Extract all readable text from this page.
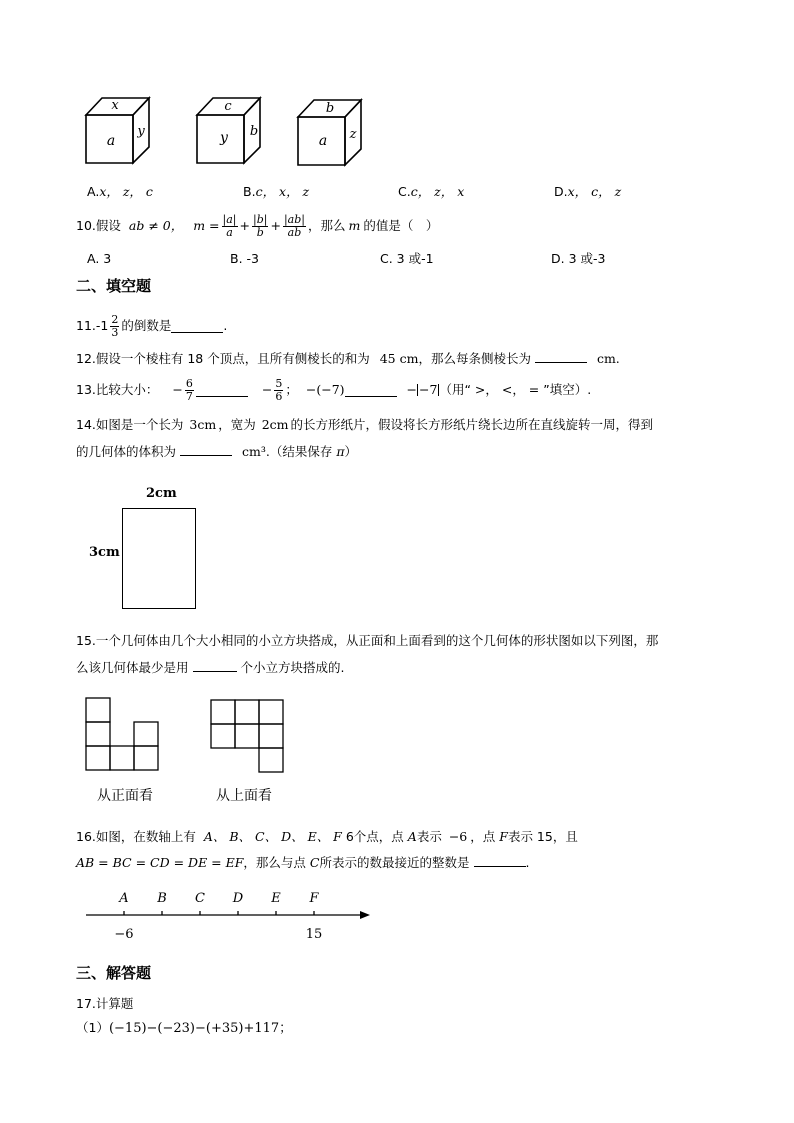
x
a
y
c
y b
b
a z
A.x， z， c	B.c， x， z	C.c， z， x	D.x， c， z
10.假设 ab ≠ 0， $m = \frac{|a|}{a} + \frac{|b|}{b} + \frac{|ab|}{ab}$ ，那么 m 的值是（　）
A. 3	B. -3	C. 3 或-1	D. 3 或-3
二、填空题
$11.-1 \frac{2}{3}$ 的倒数是	.
12.假设一个棱柱有 18 个顶点，且所有侧棱长的和为 45 cm，那么每条侧棱长为	cm.
13.比较大小： − $\frac{6}{7}$	− $\frac{5}{6}$ ； −(−7)	− −7 （用“ >， <， = ”填空）.
14.如图是一个长为 3cm ，宽为 2cm 的长方形纸片，假设将长方形纸片绕长边所在直线旋转一周，得到
的几何体的体积为	cm³.（结果保存 π）
2cm
3cm
15.一个几何体由几个大小相同的小立方块搭成，从正面和上面看到的这个几何体的形状图如以下列图，那
么该几何体最少是用	个小立方块搭成的.
从正面看	从上面看
16.如图，在数轴上有 A、 B、 C、 D、 E、 F 6个点，点 A表示 −6 ，点 F表示 15，且
AB = BC = CD = DE = EF，那么与点 C所表示的数最接近的整数是	.
A B C D E F
−6	15
三、解答题
17.计算题
（1）(−15)−(−23)−(+35)+117；
